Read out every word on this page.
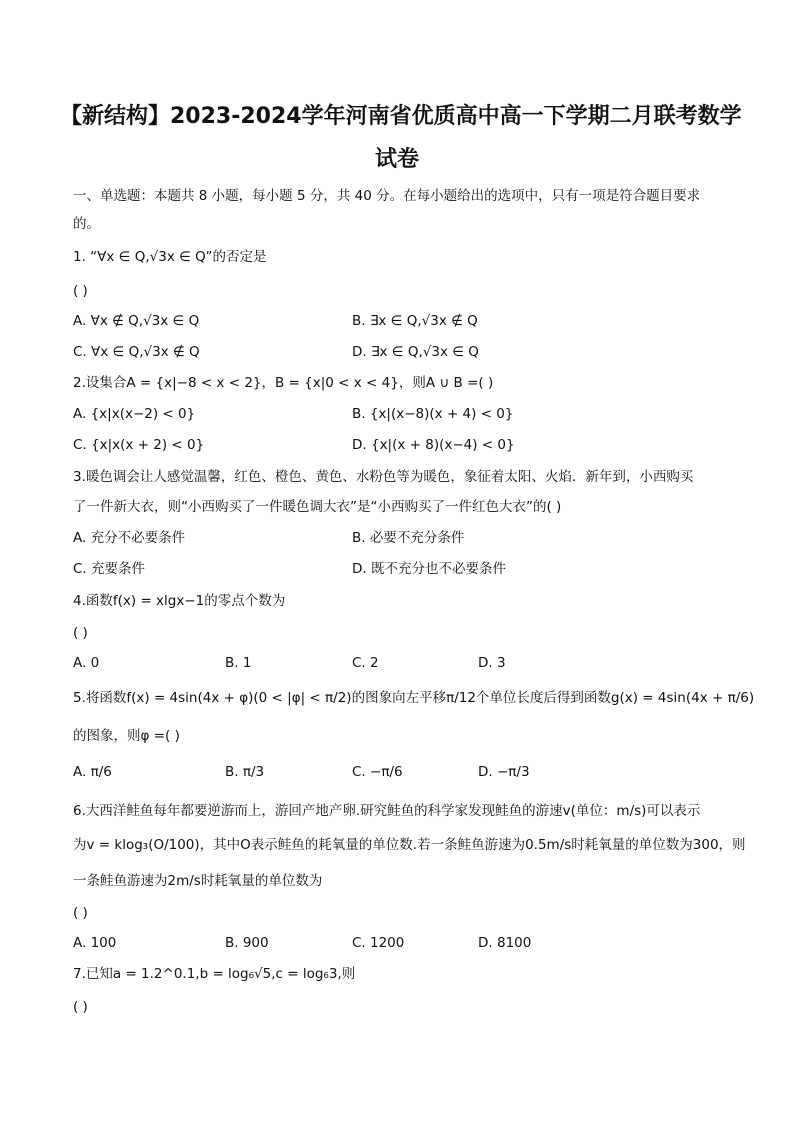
【新结构】2023-2024学年河南省优质高中高一下学期二月联考数学
试卷
一、单选题：本题共 8 小题，每小题 5 分，共 40 分。在每小题给出的选项中，只有一项是符合题目要求
的。
1. “∀x ∈ Q,√3x ∈ Q”的否定是
( )
A. ∀x ∉ Q,√3x ∈ Q	B. ∃x ∈ Q,√3x ∉ Q
C. ∀x ∈ Q,√3x ∉ Q	D. ∃x ∈ Q,√3x ∈ Q
2.设集合A = {x|−8 < x < 2}，B = {x|0 < x < 4}，则A ∪ B =( )
A. {x|x(x−2) < 0}	B. {x|(x−8)(x + 4) < 0}
C. {x|x(x + 2) < 0}	D. {x|(x + 8)(x−4) < 0}
3.暖色调会让人感觉温馨，红色、橙色、黄色、水粉色等为暖色，象征着太阳、火焰．新年到，小西购买
了一件新大衣，则“小西购买了一件暖色调大衣”是“小西购买了一件红色大衣”的( )
A. 充分不必要条件	B. 必要不充分条件
C. 充要条件	D. 既不充分也不必要条件
4.函数f(x) = xlgx−1的零点个数为
( )
A. 0	B. 1	C. 2	D. 3
5.将函数f(x) = 4sin(4x + φ)(0 < |φ| < π/2)的图象向左平移π/12个单位长度后得到函数g(x) = 4sin(4x + π/6)
的图象，则φ =( )
A. π/6	B. π/3	C. −π/6	D. −π/3
6.大西洋鲑鱼每年都要逆游而上，游回产地产卵.研究鲑鱼的科学家发现鲑鱼的游速v(单位：m/s)可以表示
为v = klog₃(O/100)，其中O表示鲑鱼的耗氧量的单位数.若一条鲑鱼游速为0.5m/s时耗氧量的单位数为300，则
一条鲑鱼游速为2m/s时耗氧量的单位数为
( )
A. 100	B. 900	C. 1200	D. 8100
7.已知a = 1.2^0.1,b = log₆√5,c = log₆3,则
( )
